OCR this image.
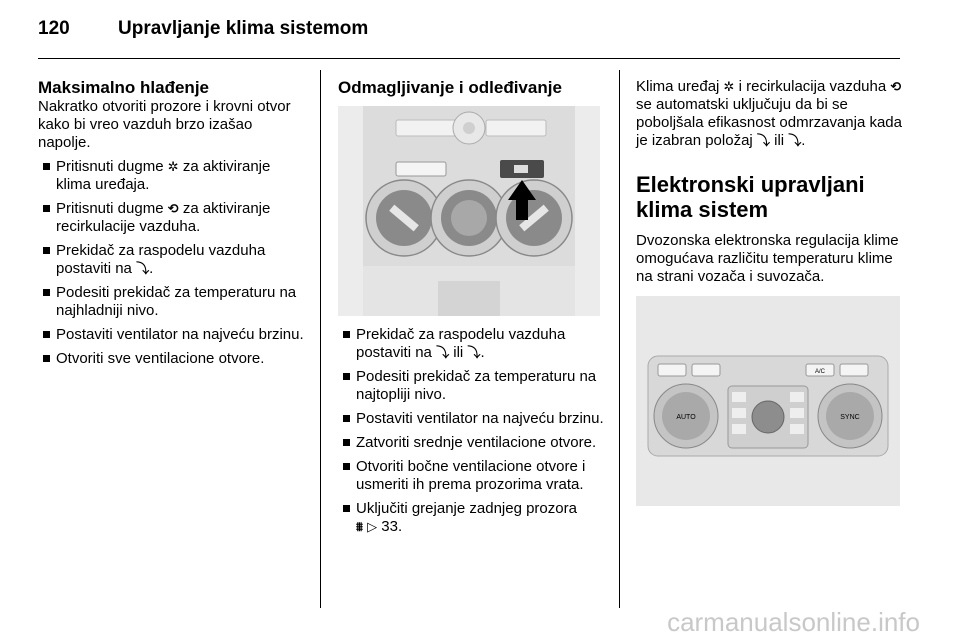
120	Upravljanje klima sistemom
Maksimalno hlađenje

Nakratko otvoriti prozore i krovni otvor kako bi vreo vazduh brzo izašao napolje.

Pritisnuti dugme ✲ za aktiviranje klima uređaja.
Pritisnuti dugme ⟲ za aktiviranje recirkulacije vazduha.
Prekidač za raspodelu vazduha postaviti na ⤵.
Podesiti prekidač za temperaturu na najhladniji nivo.
Postaviti ventilator na najveću brzinu.
Otvoriti sve ventilacione otvore.
Odmagljivanje i odleđivanje
Prekidač za raspodelu vazduha postaviti na ⤵ ili ⤵.
Podesiti prekidač za temperaturu na najtopliji nivo.
Postaviti ventilator na najveću brzinu.
Zatvoriti srednje ventilacione otvore.
Otvoriti bočne ventilacione otvore i usmeriti ih prema prozorima vrata.
Uključiti grejanje zadnjeg prozora
⩩ ▷ 33.

Klima uređaj ✲ i recirkulacija vazduha ⟲ se automatski uključuju da bi se poboljšala efikasnost odmrzavanja kada je izabran položaj ⤵ ili ⤵.

Elektronski upravljani klima sistem

Dvozonska elektronska regulacija klime omogućava različitu temperaturu klime na strani vozača i suvozača.

A/C
AUTO	SYNC
carmanualsonline.info
